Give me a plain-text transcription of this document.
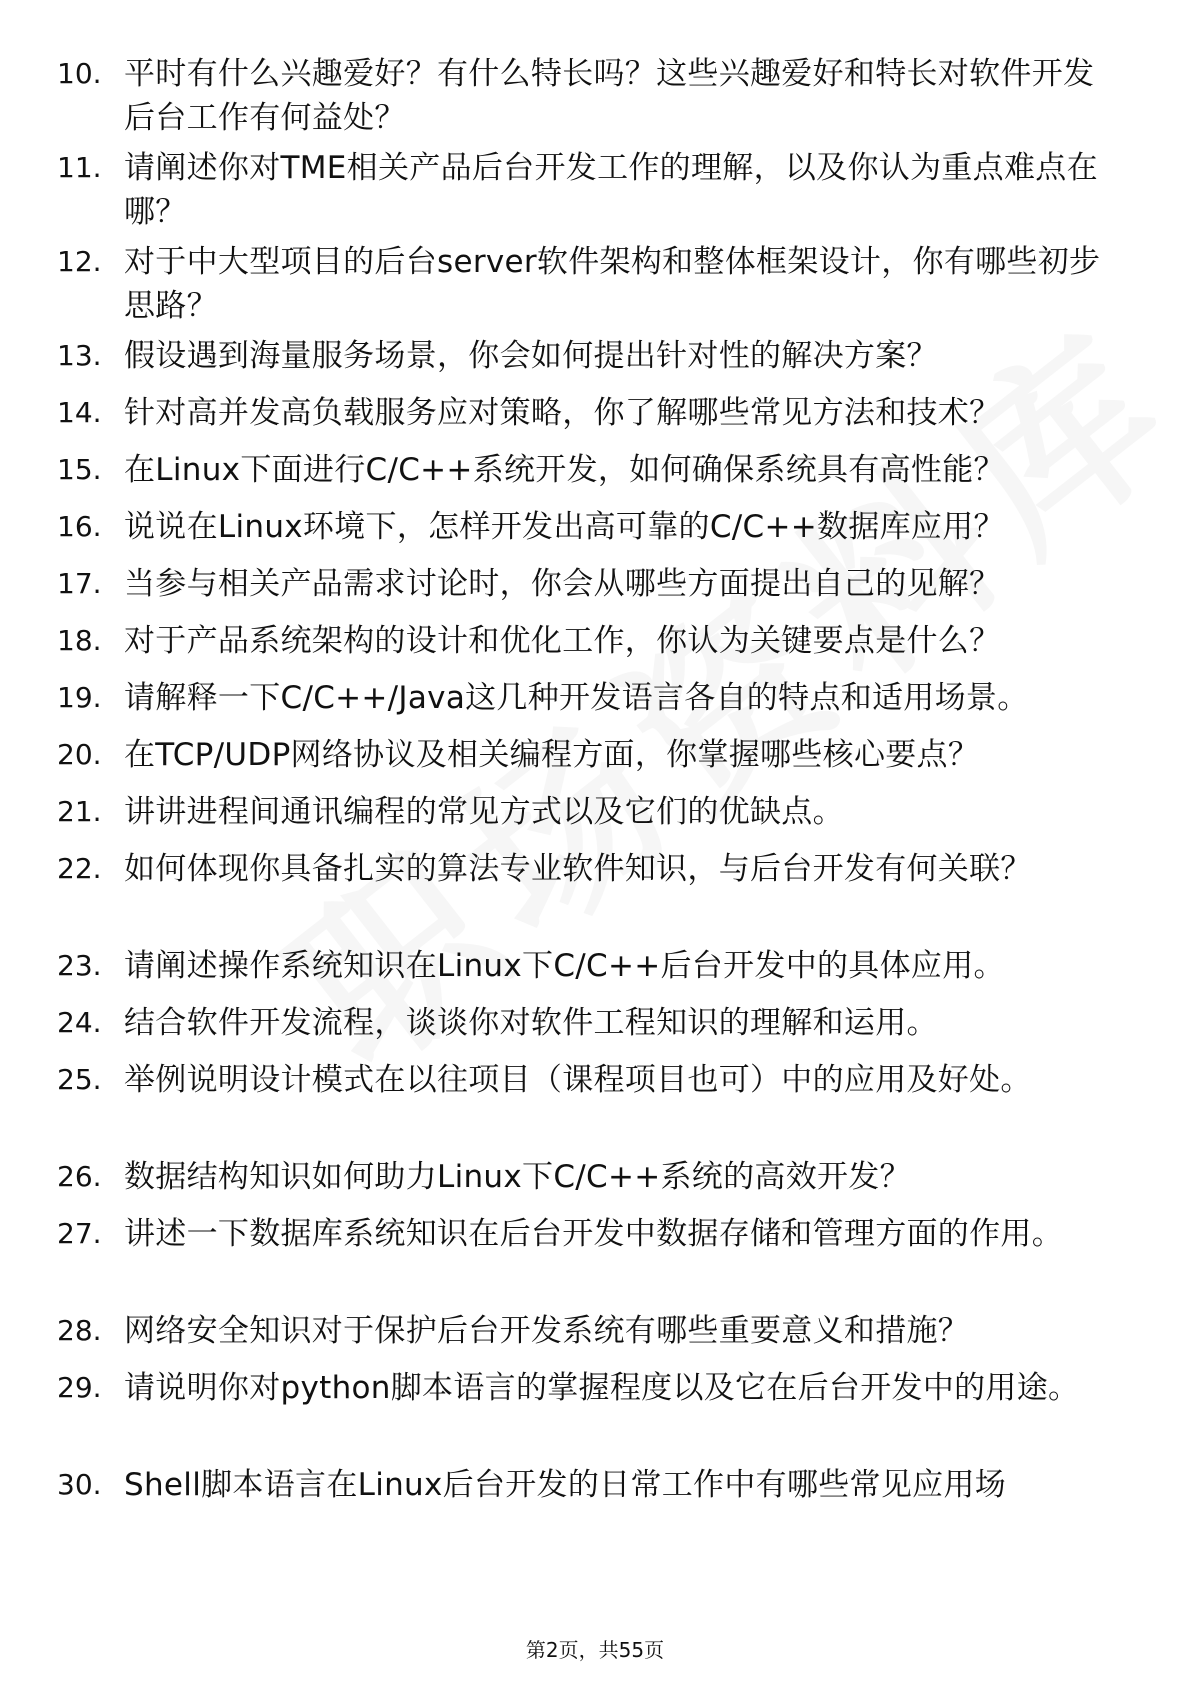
10. 平时有什么兴趣爱好？有什么特长吗？这些兴趣爱好和特长对软件开发后台工作有何益处？
11. 请阐述你对TME相关产品后台开发工作的理解，以及你认为重点难点在哪？
12. 对于中大型项目的后台server软件架构和整体框架设计，你有哪些初步思路？
13. 假设遇到海量服务场景，你会如何提出针对性的解决方案？
14. 针对高并发高负载服务应对策略，你了解哪些常见方法和技术？
15. 在Linux下面进行C/C++系统开发，如何确保系统具有高性能？
16. 说说在Linux环境下，怎样开发出高可靠的C/C++数据库应用？
17. 当参与相关产品需求讨论时，你会从哪些方面提出自己的见解？
18. 对于产品系统架构的设计和优化工作，你认为关键要点是什么？
19. 请解释一下C/C++/Java这几种开发语言各自的特点和适用场景。
20. 在TCP/UDP网络协议及相关编程方面，你掌握哪些核心要点？
21. 讲讲进程间通讯编程的常见方式以及它们的优缺点。
22. 如何体现你具备扎实的算法专业软件知识，与后台开发有何关联？
23. 请阐述操作系统知识在Linux下C/C++后台开发中的具体应用。
24. 结合软件开发流程，谈谈你对软件工程知识的理解和运用。
25. 举例说明设计模式在以往项目（课程项目也可）中的应用及好处。
26. 数据结构知识如何助力Linux下C/C++系统的高效开发？
27. 讲述一下数据库系统知识在后台开发中数据存储和管理方面的作用。
28. 网络安全知识对于保护后台开发系统有哪些重要意义和措施？
29. 请说明你对python脚本语言的掌握程度以及它在后台开发中的用途。
30. Shell脚本语言在Linux后台开发的日常工作中有哪些常见应用场
第2页，共55页
